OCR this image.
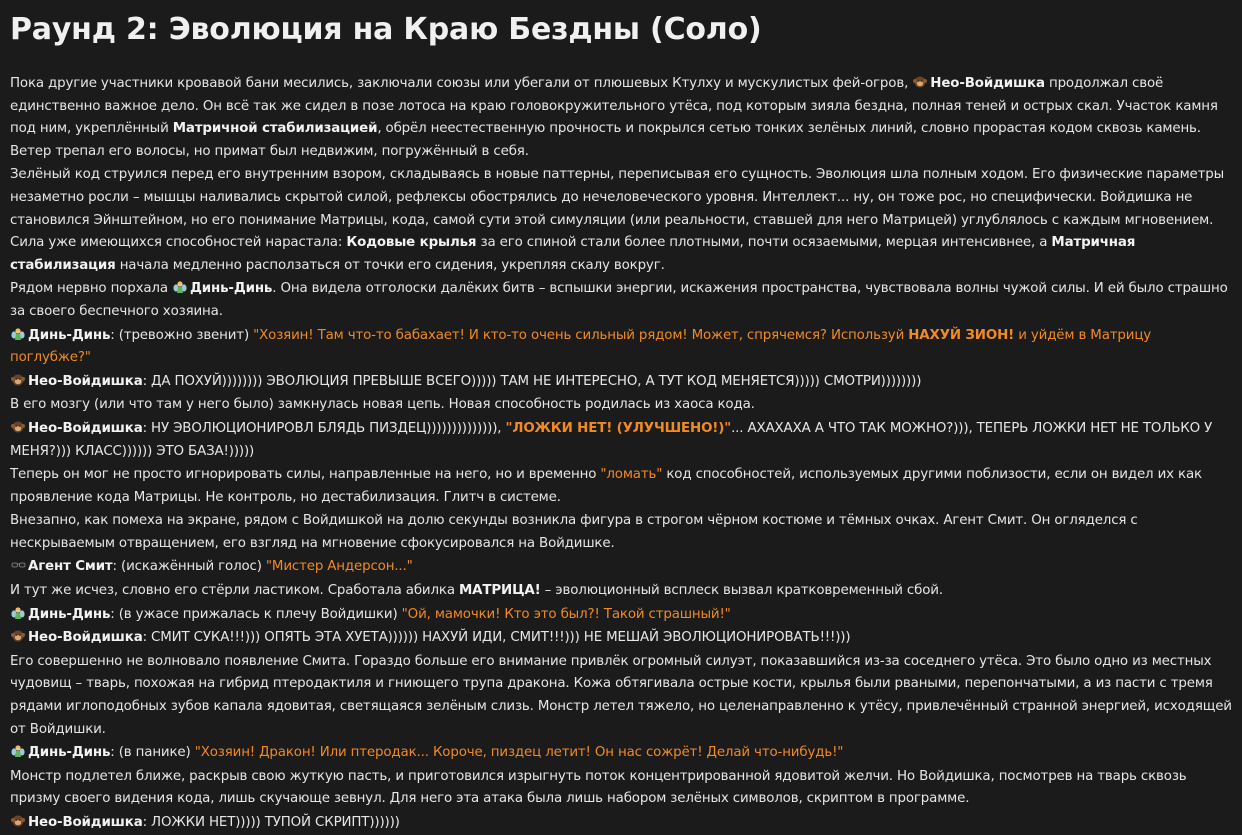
Раунд 2: Эволюция на Краю Бездны (Соло)

Пока другие участники кровавой бани месились, заключали союзы или убегали от плюшевых Ктулху и мускулистых фей-огров, Нео-Войдишка продолжал своё единственно важное дело. Он всё так же сидел в позе лотоса на краю головокружительного утёса, под которым зияла бездна, полная теней и острых скал. Участок камня под ним, укреплённый Матричной стабилизацией, обрёл неестественную прочность и покрылся сетью тонких зелёных линий, словно прорастая кодом сквозь камень. Ветер трепал его волосы, но примат был недвижим, погружённый в себя.

Зелёный код струился перед его внутренним взором, складываясь в новые паттерны, переписывая его сущность. Эволюция шла полным ходом. Его физические параметры незаметно росли – мышцы наливались скрытой силой, рефлексы обострялись до нечеловеческого уровня. Интеллект... ну, он тоже рос, но специфически. Войдишка не становился Эйнштейном, но его понимание Матрицы, кода, самой сути этой симуляции (или реальности, ставшей для него Матрицей) углублялось с каждым мгновением. Сила уже имеющихся способностей нарастала: Кодовые крылья за его спиной стали более плотными, почти осязаемыми, мерцая интенсивнее, а Матричная стабилизация начала медленно расползаться от точки его сидения, укрепляя скалу вокруг.

Рядом нервно порхала Динь-Динь. Она видела отголоски далёких битв – вспышки энергии, искажения пространства, чувствовала волны чужой силы. И ей было страшно за своего беспечного хозяина.

Динь-Динь: (тревожно звенит) "Хозяин! Там что-то бабахает! И кто-то очень сильный рядом! Может, спрячемся? Используй НАХУЙ ЗИОН! и уйдём в Матрицу поглубже?"

Нео-Войдишка: ДА ПОХУЙ)))))))) ЭВОЛЮЦИЯ ПРЕВЫШЕ ВСЕГО))))) ТАМ НЕ ИНТЕРЕСНО, А ТУТ КОД МЕНЯЕТСЯ))))) СМОТРИ))))))))

В его мозгу (или что там у него было) замкнулась новая цепь. Новая способность родилась из хаоса кода.

Нео-Войдишка: НУ ЭВОЛЮЦИОНИРОВЛ БЛЯДЬ ПИЗДЕЦ)))))))))))))), "ЛОЖКИ НЕТ! (УЛУЧШЕНО!)"... АХАХАХА А ЧТО ТАК МОЖНО?))), ТЕПЕРЬ ЛОЖКИ НЕТ НЕ ТОЛЬКО У МЕНЯ?))) КЛАСС)))))) ЭТО БАЗА!)))))

Теперь он мог не просто игнорировать силы, направленные на него, но и временно "ломать" код способностей, используемых другими поблизости, если он видел их как проявление кода Матрицы. Не контроль, но дестабилизация. Глитч в системе.

Внезапно, как помеха на экране, рядом с Войдишкой на долю секунды возникла фигура в строгом чёрном костюме и тёмных очках. Агент Смит. Он огляделся с нескрываемым отвращением, его взгляд на мгновение сфокусировался на Войдишке.

Агент Смит: (искажённый голос) "Мистер Андерсон..."

И тут же исчез, словно его стёрли ластиком. Сработала абилка МАТРИЦА! – эволюционный всплеск вызвал кратковременный сбой.

Динь-Динь: (в ужасе прижалась к плечу Войдишки) "Ой, мамочки! Кто это был?! Такой страшный!"

Нео-Войдишка: СМИТ СУКА!!!))) ОПЯТЬ ЭТА ХУЕТА)))))) НАХУЙ ИДИ, СМИТ!!!))) НЕ МЕШАЙ ЭВОЛЮЦИОНИРОВАТЬ!!!)))

Его совершенно не волновало появление Смита. Гораздо больше его внимание привлёк огромный силуэт, показавшийся из-за соседнего утёса. Это было одно из местных чудовищ – тварь, похожая на гибрид птеродактиля и гниющего трупа дракона. Кожа обтягивала острые кости, крылья были рваными, перепончатыми, а из пасти с тремя рядами иглоподобных зубов капала ядовитая, светящаяся зелёным слизь. Монстр летел тяжело, но целенаправленно к утёсу, привлечённый странной энергией, исходящей от Войдишки.

Динь-Динь: (в панике) "Хозяин! Дракон! Или птеродак... Короче, пиздец летит! Он нас сожрёт! Делай что-нибудь!"

Монстр подлетел ближе, раскрыв свою жуткую пасть, и приготовился изрыгнуть поток концентрированной ядовитой желчи. Но Войдишка, посмотрев на тварь сквозь призму своего видения кода, лишь скучающе зевнул. Для него эта атака была лишь набором зелёных символов, скриптом в программе.

Нео-Войдишка: ЛОЖКИ НЕТ))))) ТУПОЙ СКРИПТ))))))
